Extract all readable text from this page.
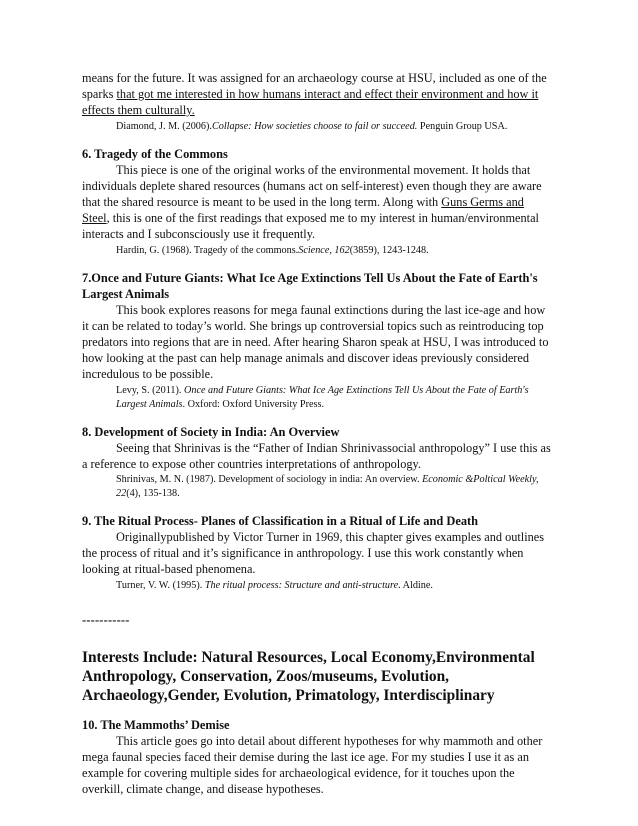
means for the future. It was assigned for an archaeology course at HSU, included as one of the sparks that got me interested in how humans interact and effect their environment and how it effects them culturally.

Diamond, J. M. (2006).Collapse: How societies choose to fail or succeed. Penguin Group USA.

6. Tragedy of the Commons

This piece is one of the original works of the environmental movement. It holds that individuals deplete shared resources (humans act on self-interest) even though they are aware that the shared resource is meant to be used in the long term. Along with Guns Germs and Steel, this is one of the first readings that exposed me to my interest in human/environmental interacts and I subconsciously use it frequently.

Hardin, G. (1968). Tragedy of the commons.Science, 162(3859), 1243-1248.

7.Once and Future Giants: What Ice Age Extinctions Tell Us About the Fate of Earth's Largest Animals

This book explores reasons for mega faunal extinctions during the last ice-age and how it can be related to today’s world. She brings up controversial topics such as reintroducing top predators into regions that are in need. After hearing Sharon speak at HSU, I was introduced to how looking at the past can help manage animals and discover ideas previously considered incredulous to be possible.

Levy, S. (2011). Once and Future Giants: What Ice Age Extinctions Tell Us About the Fate of Earth's Largest Animals. Oxford: Oxford University Press.

8. Development of Society in India: An Overview

Seeing that Shrinivas is the “Father of Indian Shrinivassocial anthropology” I use this as a reference to expose other countries interpretations of anthropology.

Shrinivas, M. N. (1987). Development of sociology in india: An overview. Economic &Poltical Weekly, 22(4), 135-138.

9. The Ritual Process- Planes of Classification in a Ritual of Life and Death

Originallypublished by Victor Turner in 1969, this chapter gives examples and outlines the process of ritual and it’s significance in anthropology. I use this work constantly when looking at ritual-based phenomena.

Turner, V. W. (1995). The ritual process: Structure and anti-structure. Aldine.

-----------

Interests Include: Natural Resources, Local Economy,Environmental Anthropology, Conservation, Zoos/museums, Evolution, Archaeology,Gender, Evolution, Primatology, Interdisciplinary

10. The Mammoths’ Demise

This article goes go into detail about different hypotheses for why mammoth and other mega faunal species faced their demise during the last ice age. For my studies I use it as an example for covering multiple sides for archaeological evidence, for it touches upon the overkill, climate change, and disease hypotheses.
